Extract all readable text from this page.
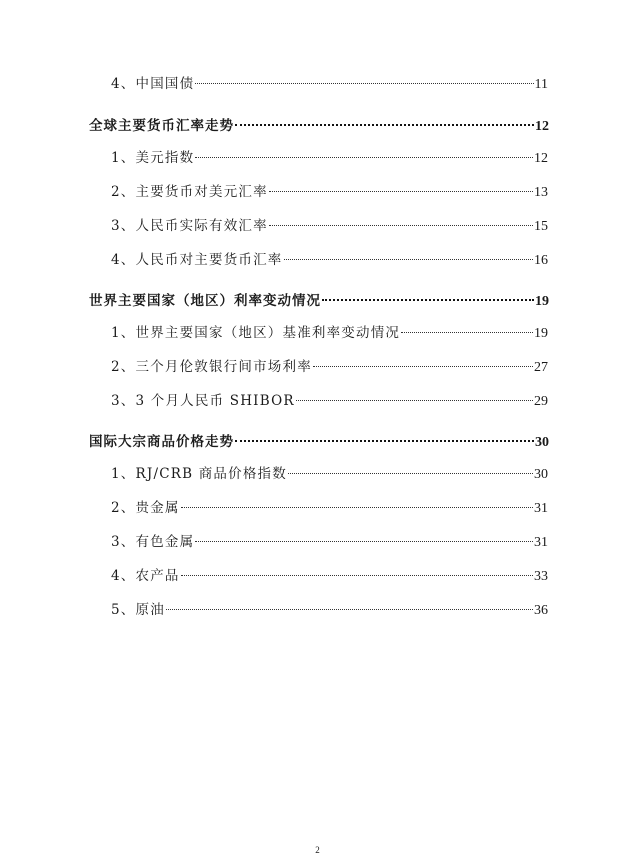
4、中国国债	11
全球主要货币汇率走势	12
1、美元指数	12
2、主要货币对美元汇率	13
3、人民币实际有效汇率	15
4、人民币对主要货币汇率	16
世界主要国家（地区）利率变动情况	19
1、世界主要国家（地区）基准利率变动情况	19
2、三个月伦敦银行间市场利率	27
3、3 个月人民币 SHIBOR	29
国际大宗商品价格走势	30
1、RJ/CRB 商品价格指数	30
2、贵金属	31
3、有色金属	31
4、农产品	33
5、原油	36
2
